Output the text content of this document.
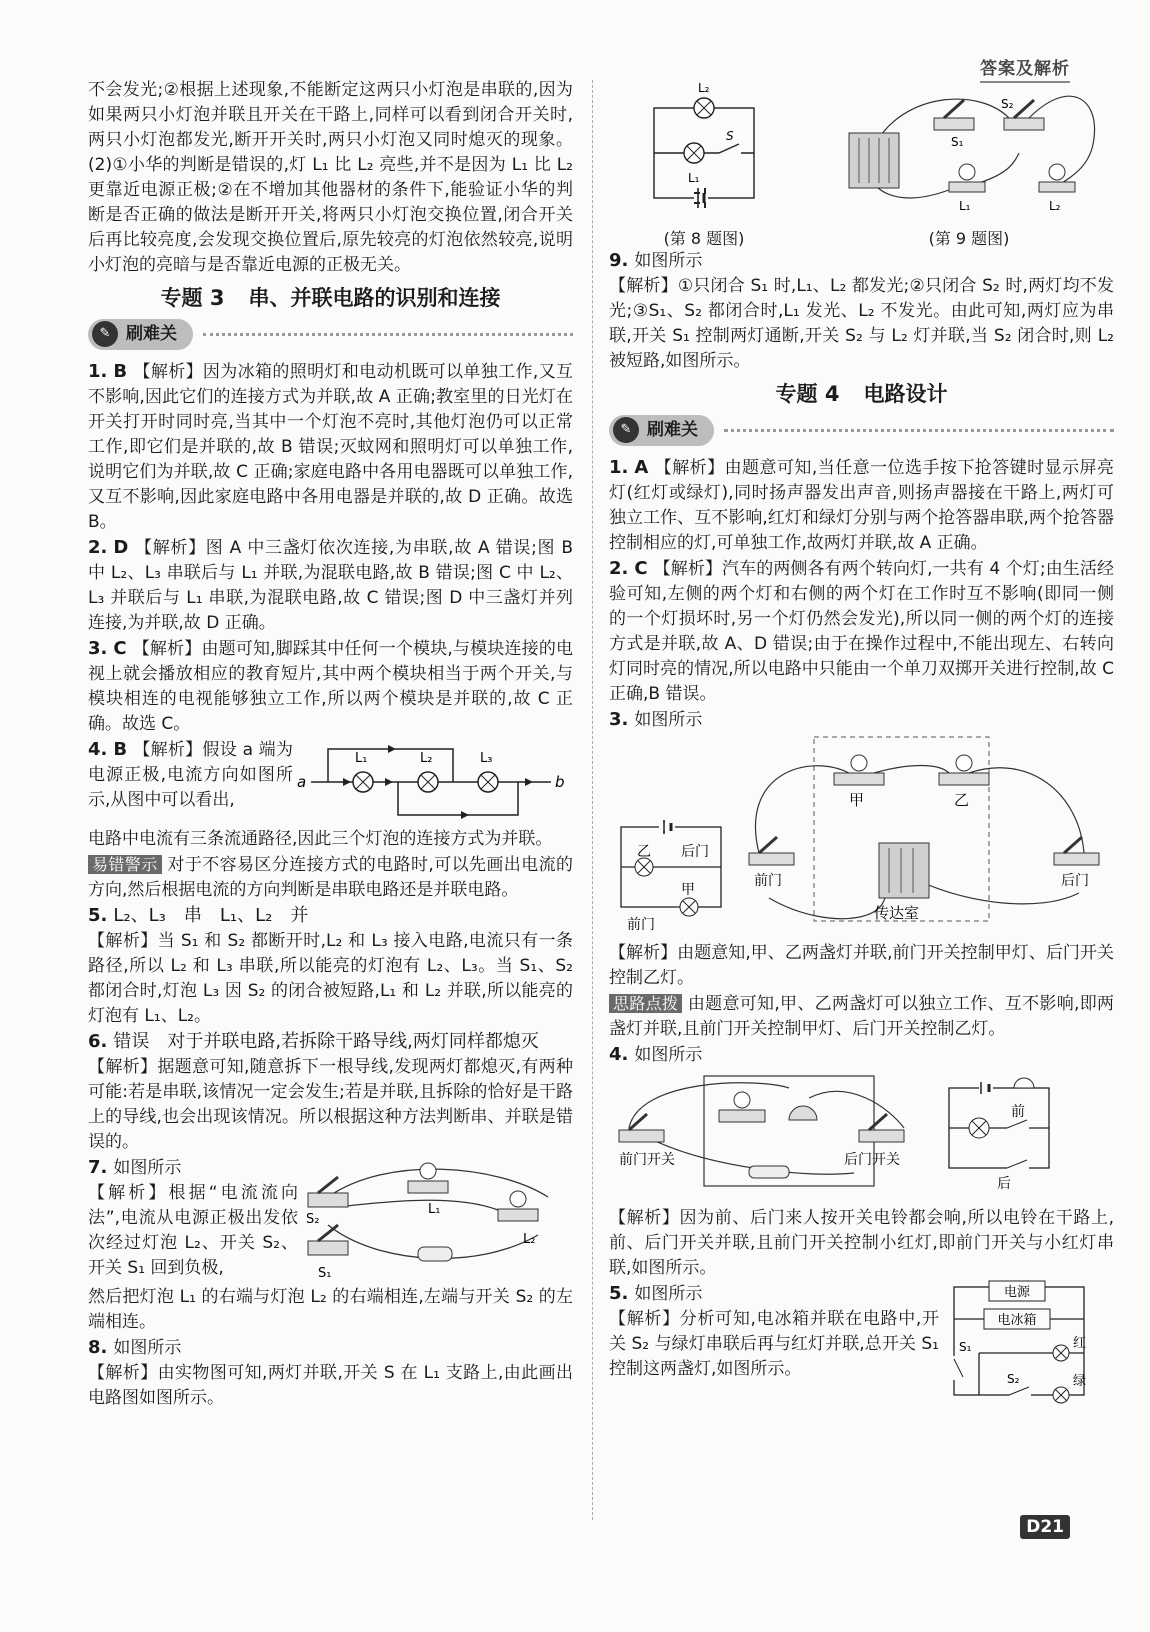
答案及解析

不会发光;②根据上述现象,不能断定这两只小灯泡是串联的,因为如果两只小灯泡并联且开关在干路上,同样可以看到闭合开关时,两只小灯泡都发光,断开开关时,两只小灯泡又同时熄灭的现象。(2)①小华的判断是错误的,灯 L₁ 比 L₂ 亮些,并不是因为 L₁ 比 L₂ 更靠近电源正极;②在不增加其他器材的条件下,能验证小华的判断是否正确的做法是断开开关,将两只小灯泡交换位置,闭合开关后再比较亮度,会发现交换位置后,原先较亮的灯泡依然较亮,说明小灯泡的亮暗与是否靠近电源的正极无关。

专题 3 串、并联电路的识别和连接
✎ 刷难关

1. B 【解析】因为冰箱的照明灯和电动机既可以单独工作,又互不影响,因此它们的连接方式为并联,故 A 正确;教室里的日光灯在开关打开时同时亮,当其中一个灯泡不亮时,其他灯泡仍可以正常工作,即它们是并联的,故 B 错误;灭蚊网和照明灯可以单独工作,说明它们为并联,故 C 正确;家庭电路中各用电器既可以单独工作,又互不影响,因此家庭电路中各用电器是并联的,故 D 正确。故选 B。

2. D 【解析】图 A 中三盏灯依次连接,为串联,故 A 错误;图 B 中 L₂、L₃ 串联后与 L₁ 并联,为混联电路,故 B 错误;图 C 中 L₂、L₃ 并联后与 L₁ 串联,为混联电路,故 C 错误;图 D 中三盏灯并列连接,为并联,故 D 正确。

3. C 【解析】由题可知,脚踩其中任何一个模块,与模块连接的电视上就会播放相应的教育短片,其中两个模块相当于两个开关,与模块相连的电视能够独立工作,所以两个模块是并联的,故 C 正确。故选 C。

4. B 【解析】假设 a 端为电源正极,电流方向如图所示,从图中可以看出,

a	b
L₁	L₂	L₃

电路中电流有三条流通路径,因此三个灯泡的连接方式为并联。

易错警示 对于不容易区分连接方式的电路时,可以先画出电流的方向,然后根据电流的方向判断是串联电路还是并联电路。

5. L₂、L₃　串　L₁、L₂　并
【解析】当 S₁ 和 S₂ 都断开时,L₂ 和 L₃ 接入电路,电流只有一条路径,所以 L₂ 和 L₃ 串联,所以能亮的灯泡有 L₂、L₃。当 S₁、S₂ 都闭合时,灯泡 L₃ 因 S₂ 的闭合被短路,L₁ 和 L₂ 并联,所以能亮的灯泡有 L₁、L₂。

6. 错误　对于并联电路,若拆除干路导线,两灯同样都熄灭
【解析】据题意可知,随意拆下一根导线,发现两灯都熄灭,有两种可能:若是串联,该情况一定会发生;若是并联,且拆除的恰好是干路上的导线,也会出现该情况。所以根据这种方法判断串、并联是错误的。

7. 如图所示
【解析】根据“电流流向法”,电流从电源正极出发依次经过灯泡 L₂、开关 S₂、开关 S₁ 回到负极,

L₁
L₂
S₂
S₁

然后把灯泡 L₁ 的右端与灯泡 L₂ 的右端相连,左端与开关 S₂ 的左端相连。

8. 如图所示
【解析】由实物图可知,两灯并联,开关 S 在 L₁ 支路上,由此画出电路图如图所示。

L₂
L₁
S
(第 8 题图)
S₁
S₂
L₁	L₂
(第 9 题图)

9. 如图所示
【解析】①只闭合 S₁ 时,L₁、L₂ 都发光;②只闭合 S₂ 时,两灯均不发光;③S₁、S₂ 都闭合时,L₁ 发光、L₂ 不发光。由此可知,两灯应为串联,开关 S₁ 控制两灯通断,开关 S₂ 与 L₂ 灯并联,当 S₂ 闭合时,则 L₂ 被短路,如图所示。

专题 4 电路设计
✎ 刷难关

1. A 【解析】由题意可知,当任意一位选手按下抢答键时显示屏亮灯(红灯或绿灯),同时扬声器发出声音,则扬声器接在干路上,两灯可独立工作、互不影响,红灯和绿灯分别与两个抢答器串联,两个抢答器控制相应的灯,可单独工作,故两灯并联,故 A 正确。

2. C 【解析】汽车的两侧各有两个转向灯,一共有 4 个灯;由生活经验可知,左侧的两个灯和右侧的两个灯在工作时互不影响(即同一侧的一个灯损坏时,另一个灯仍然会发光),所以同一侧的两个灯的连接方式是并联,故 A、D 错误;由于在操作过程中,不能出现左、右转向灯同时亮的情况,所以电路中只能由一个单刀双掷开关进行控制,故 C 正确,B 错误。

3. 如图所示

乙 后门
甲
前门
甲	乙
传达室
前门	后门

【解析】由题意知,甲、乙两盏灯并联,前门开关控制甲灯、后门开关控制乙灯。

思路点拨 由题意可知,甲、乙两盏灯可以独立工作、互不影响,即两盏灯并联,且前门开关控制甲灯、后门开关控制乙灯。

4. 如图所示

前门开关	后门开关
前
后

【解析】因为前、后门来人按开关电铃都会响,所以电铃在干路上,前、后门开关并联,且前门开关控制小红灯,即前门开关与小红灯串联,如图所示。

5. 如图所示
【解析】分析可知,电冰箱并联在电路中,开关 S₂ 与绿灯串联后再与红灯并联,总开关 S₁ 控制这两盏灯,如图所示。

电源
电冰箱
S₁
S₂
红
绿
D21
